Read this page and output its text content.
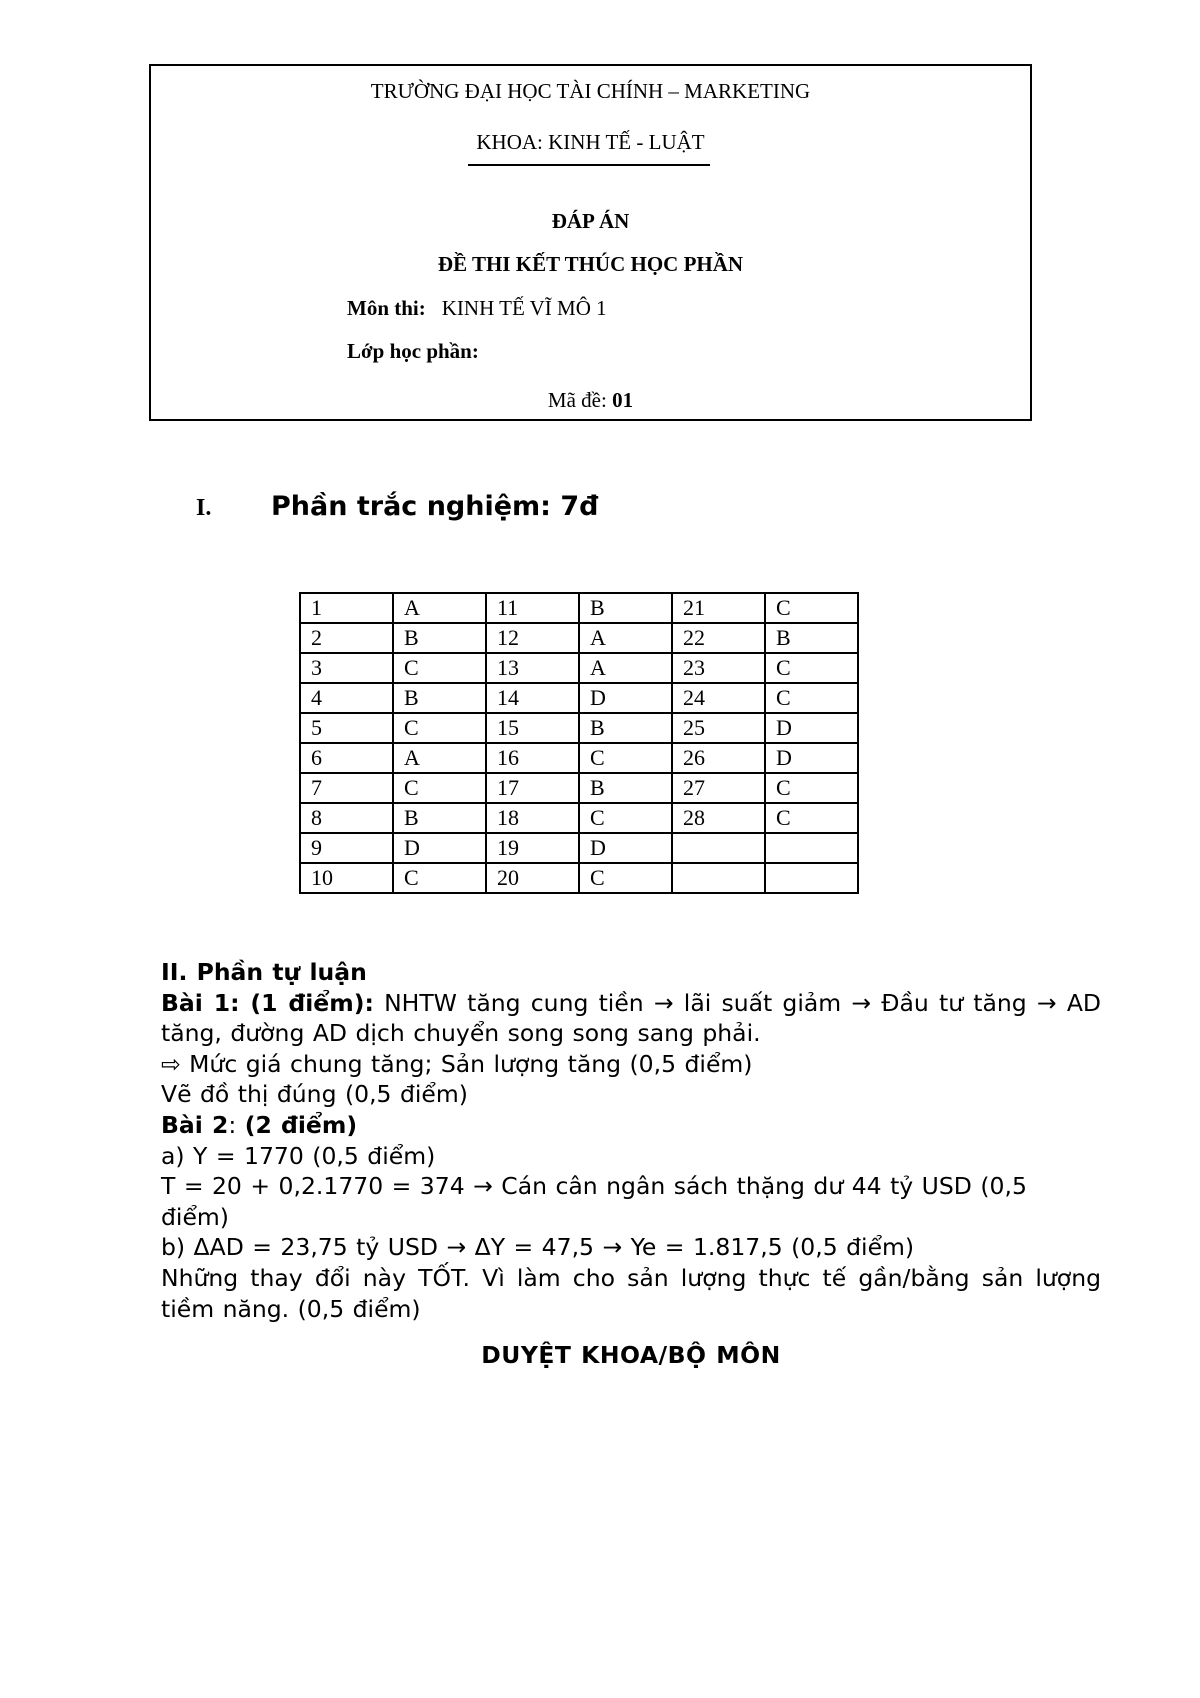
TRƯỜNG ĐẠI HỌC TÀI CHÍNH – MARKETING
KHOA: KINH TẾ - LUẬT
ĐÁP ÁN
ĐỀ THI KẾT THÚC HỌC PHẦN
Môn thi: KINH TẾ VĨ MÔ 1
Lớp học phần:
Mã đề: 01
I. Phần trắc nghiệm: 7đ
1	A	11	B	21	C
2	B	12	A	22	B
3	C	13	A	23	C
4	B	14	D	24	C
5	C	15	B	25	D
6	A	16	C	26	D
7	C	17	B	27	C
8	B	18	C	28	C
9	D	19	D		
10	C	20	C		

II. Phần tự luận

Bài 1: (1 điểm): NHTW tăng cung tiền → lãi suất giảm → Đầu tư tăng → AD tăng, đường AD dịch chuyển song song sang phải.

⇨ Mức giá chung tăng; Sản lượng tăng (0,5 điểm)

Vẽ đồ thị đúng (0,5 điểm)

Bài 2: (2 điểm)

a) Y = 1770 (0,5 điểm)

T = 20 + 0,2.1770 = 374 → Cán cân ngân sách thặng dư 44 tỷ USD (0,5 điểm)

b) ΔAD = 23,75 tỷ USD → ΔY = 47,5 → Ye = 1.817,5 (0,5 điểm)

Những thay đổi này TỐT. Vì làm cho sản lượng thực tế gần/bằng sản lượng tiềm năng. (0,5 điểm)

DUYỆT KHOA/BỘ MÔN
